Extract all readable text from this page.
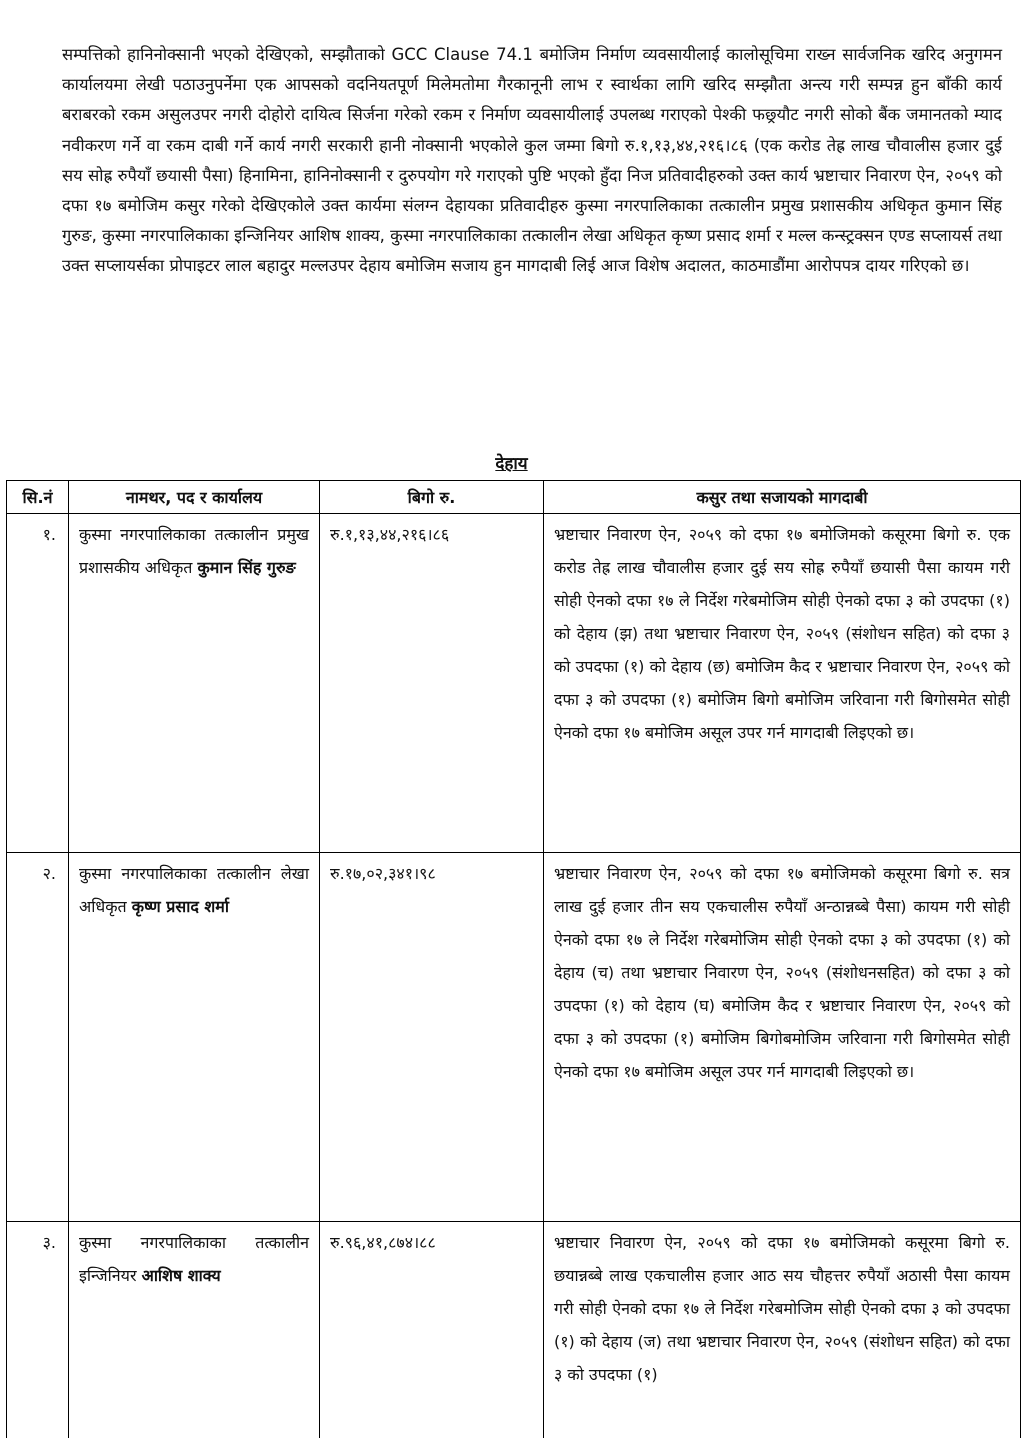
सम्पत्तिको हानिनोक्सानी भएको देखिएको, सम्झौताको GCC Clause 74.1 बमोजिम निर्माण व्यवसायीलाई कालोसूचिमा राख्न सार्वजनिक खरिद अनुगमन कार्यालयमा लेखी पठाउनुपर्नेमा एक आपसको वदनियतपूर्ण मिलेमतोमा गैरकानूनी लाभ र स्वार्थका लागि खरिद सम्झौता अन्त्य गरी सम्पन्न हुन बाँकी कार्य बराबरको रकम असुलउपर नगरी दोहोरो दायित्व सिर्जना गरेको रकम र निर्माण व्यवसायीलाई उपलब्ध गराएको पेश्की फछ्र्यौट नगरी सोको बैंक जमानतको म्याद नवीकरण गर्ने वा रकम दाबी गर्ने कार्य नगरी सरकारी हानी नोक्सानी भएकोले कुल जम्मा बिगो रु.१,१३,४४,२१६।८६ (एक करोड तेह्र लाख चौवालीस हजार दुई सय सोह्र रुपैयाँ छयासी पैसा) हिनामिना, हानिनोक्सानी र दुरुपयोग गरे गराएको पुष्टि भएको हुँदा निज प्रतिवादीहरुको उक्त कार्य भ्रष्टाचार निवारण ऐन, २०५९ को दफा १७ बमोजिम कसुर गरेको देखिएकोले उक्त कार्यमा संलग्न देहायका प्रतिवादीहरु कुस्मा नगरपालिकाका तत्कालीन प्रमुख प्रशासकीय अधिकृत कुमान सिंह गुरुङ, कुस्मा नगरपालिकाका इन्जिनियर आशिष शाक्य, कुस्मा नगरपालिकाका तत्कालीन लेखा अधिकृत कृष्ण प्रसाद शर्मा र मल्ल कन्स्ट्रक्सन एण्ड सप्लायर्स तथा उक्त सप्लायर्सका प्रोपाइटर लाल बहादुर मल्लउपर देहाय बमोजिम सजाय हुन मागदाबी लिई आज विशेष अदालत, काठमाडौंमा आरोपपत्र दायर गरिएको छ।

देहाय
सि.नं	नामथर, पद र कार्यालय	बिगो रु.	कसुर तथा सजायको मागदाबी
१.	कुस्मा नगरपालिकाका तत्कालीन प्रमुख प्रशासकीय अधिकृत कुमान सिंह गुरुङ	रु.१,१३,४४,२१६।८६	भ्रष्टाचार निवारण ऐन, २०५९ को दफा १७ बमोजिमको कसूरमा बिगो रु. एक करोड तेह्र लाख चौवालीस हजार दुई सय सोह्र रुपैयाँ छयासी पैसा कायम गरी सोही ऐनको दफा १७ ले निर्देश गरेबमोजिम सोही ऐनको दफा ३ को उपदफा (१) को देहाय (झ) तथा भ्रष्टाचार निवारण ऐन, २०५९ (संशोधन सहित) को दफा ३ को उपदफा (१) को देहाय (छ) बमोजिम कैद र भ्रष्टाचार निवारण ऐन, २०५९ को दफा ३ को उपदफा (१) बमोजिम बिगो बमोजिम जरिवाना गरी बिगोसमेत सोही ऐनको दफा १७ बमोजिम असूल उपर गर्न मागदाबी लिइएको छ।
२.	कुस्मा नगरपालिकाका तत्कालीन लेखा अधिकृत कृष्ण प्रसाद शर्मा	रु.१७,०२,३४१।९८	भ्रष्टाचार निवारण ऐन, २०५९ को दफा १७ बमोजिमको कसूरमा बिगो रु. सत्र लाख दुई हजार तीन सय एकचालीस रुपैयाँ अन्ठान्नब्बे पैसा) कायम गरी सोही ऐनको दफा १७ ले निर्देश गरेबमोजिम सोही ऐनको दफा ३ को उपदफा (१) को देहाय (च) तथा भ्रष्टाचार निवारण ऐन, २०५९ (संशोधनसहित) को दफा ३ को उपदफा (१) को देहाय (घ) बमोजिम कैद र भ्रष्टाचार निवारण ऐन, २०५९ को दफा ३ को उपदफा (१) बमोजिम बिगोबमोजिम जरिवाना गरी बिगोसमेत सोही ऐनको दफा १७ बमोजिम असूल उपर गर्न मागदाबी लिइएको छ।
३.	कुस्मा नगरपालिकाका तत्कालीन इन्जिनियर आशिष शाक्य	रु.९६,४१,८७४।८८	भ्रष्टाचार निवारण ऐन, २०५९ को दफा १७ बमोजिमको कसूरमा बिगो रु. छयान्नब्बे लाख एकचालीस हजार आठ सय चौहत्तर रुपैयाँ अठासी पैसा कायम गरी सोही ऐनको दफा १७ ले निर्देश गरेबमोजिम सोही ऐनको दफा ३ को उपदफा (१) को देहाय (ज) तथा भ्रष्टाचार निवारण ऐन, २०५९ (संशोधन सहित) को दफा ३ को उपदफा (१)
